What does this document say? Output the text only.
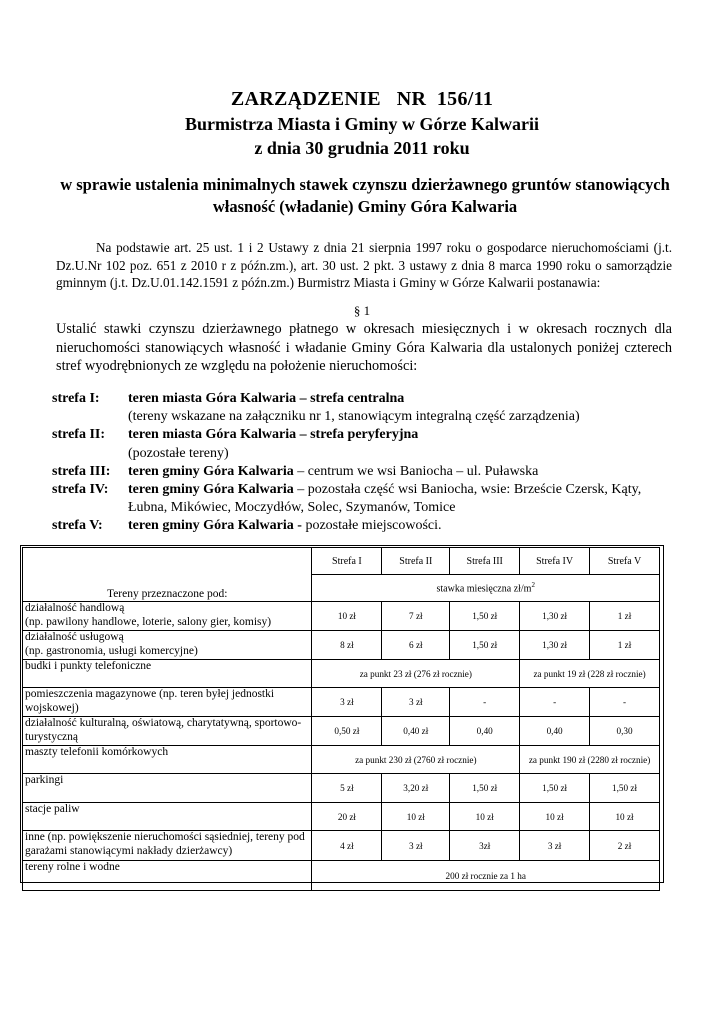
ZARZĄDZENIE   NR  156/11
Burmistrza Miasta i Gminy w Górze Kalwarii
z dnia 30 grudnia 2011 roku
w sprawie ustalenia minimalnych stawek czynszu dzierżawnego gruntów stanowiących własność (władanie) Gminy Góra Kalwaria
Na podstawie art. 25 ust. 1 i 2 Ustawy z dnia 21 sierpnia 1997 roku o gospodarce nieruchomościami (j.t. Dz.U.Nr 102 poz. 651 z 2010 r z późn.zm.), art. 30 ust. 2 pkt. 3 ustawy z dnia 8 marca 1990 roku o samorządzie gminnym (j.t. Dz.U.01.142.1591 z późn.zm.) Burmistrz Miasta i Gminy w Górze Kalwarii postanawia:
§ 1
Ustalić stawki czynszu dzierżawnego płatnego w okresach miesięcznych i w okresach rocznych dla nieruchomości stanowiących własność i władanie Gminy Góra Kalwaria dla ustalonych poniżej czterech stref wyodrębnionych ze względu na położenie nieruchomości:
strefa I:	teren miasta Góra Kalwaria – strefa centralna
(tereny wskazane na załączniku nr 1, stanowiącym integralną część zarządzenia)
strefa II:	teren miasta Góra Kalwaria – strefa peryferyjna
(pozostałe tereny)
strefa III:	teren gminy Góra Kalwaria – centrum we wsi Baniocha – ul. Puławska
strefa IV:	teren gminy Góra Kalwaria – pozostała część wsi Baniocha, wsie: Brzeście Czersk, Kąty,
Łubna, Mikówiec, Moczydłów, Solec, Szymanów, Tomice
strefa V:	teren gminy Góra Kalwaria - pozostałe miejscowości.
Tereny przeznaczone pod:	Strefa I	Strefa II	Strefa III	Strefa IV	Strefa V
	stawka miesięczna $zł/m^2$
działalność handlową
(np. pawilony handlowe, loterie, salony gier, komisy)	10 zł	7 zł	1,50 zł	1,30 zł	1 zł
działalność usługową
(np. gastronomia, usługi komercyjne)	8 zł	6 zł	1,50 zł	1,30 zł	1 zł
budki i punkty telefoniczne	za punkt 23 zł (276 zł rocznie)			za punkt 19 zł (228 zł rocznie)	
pomieszczenia magazynowe (np. teren byłej jednostki wojskowej)	3 zł	3 zł	-	-	-
działalność kulturalną, oświatową, charytatywną, sportowo-turystyczną	0,50 zł	0,40 zł	0,40	0,40	0,30
maszty telefonii komórkowych	za punkt 230 zł (2760 zł rocznie)			za punkt 190 zł (2280 zł rocznie)	
parkingi	5 zł	3,20 zł	1,50 zł	1,50 zł	1,50 zł
stacje paliw	20 zł	10 zł	10 zł	10 zł	10 zł
inne (np. powiększenie nieruchomości sąsiedniej, tereny pod garażami stanowiącymi nakłady dzierżawcy)	4 zł	3 zł	3zł	3 zł	2 zł
tereny rolne i wodne	200 zł rocznie za 1 ha				
